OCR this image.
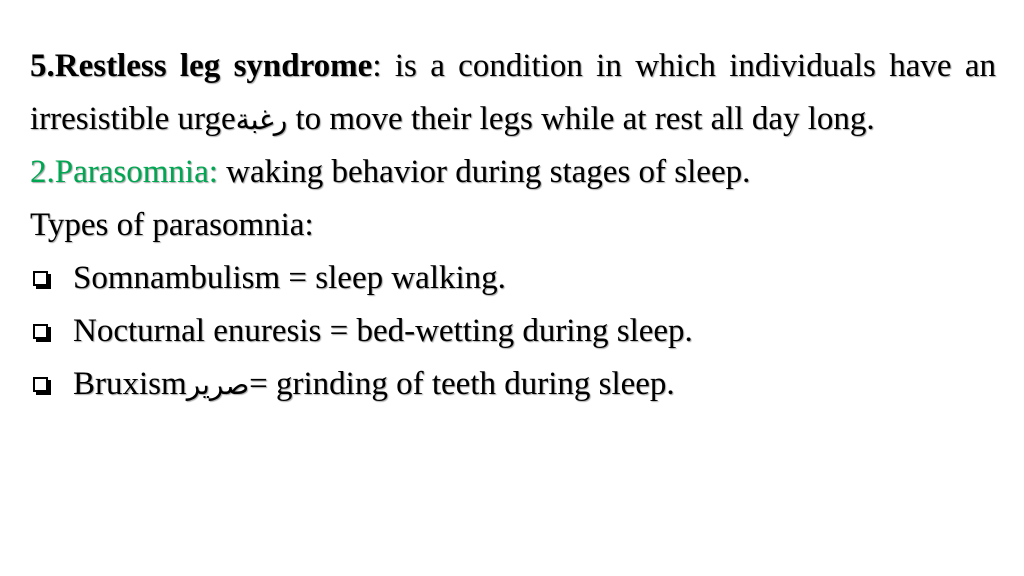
5.Restless leg syndrome: is a condition in which individuals have an irresistible urgeرغبة to move their legs while at rest all day long.

2.Parasomnia: waking behavior during stages of sleep.

Types of parasomnia:

Somnambulism = sleep walking.
Nocturnal enuresis = bed-wetting during sleep.
Bruxism صرير = grinding of teeth during sleep.
